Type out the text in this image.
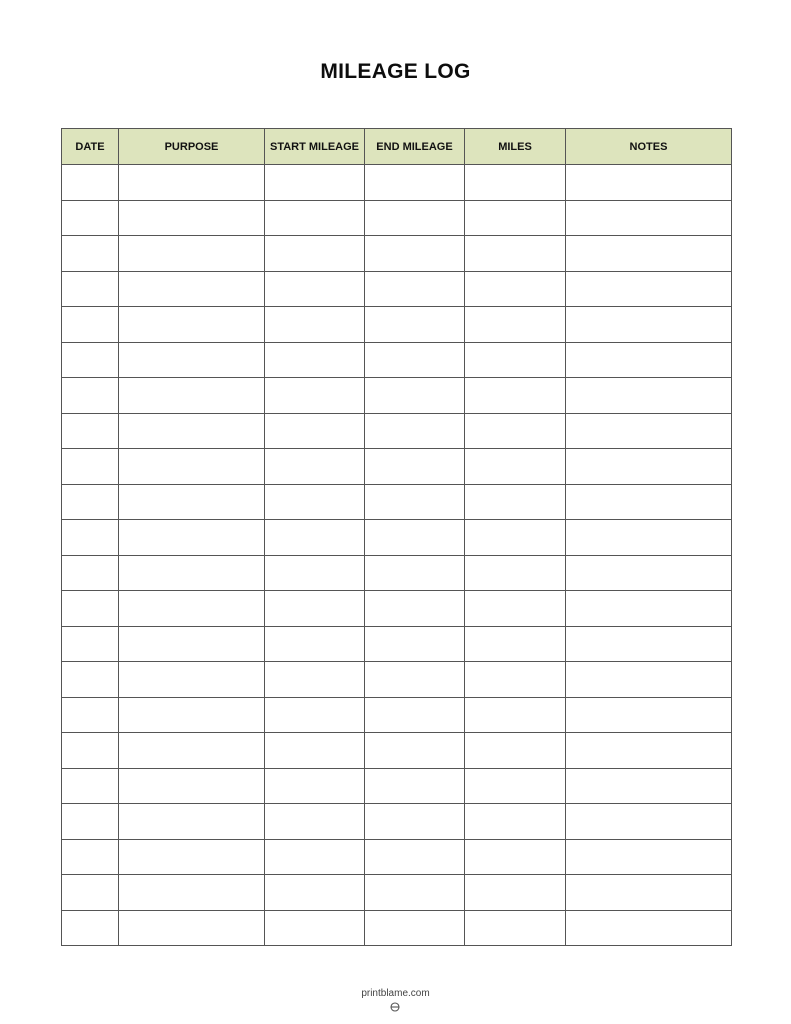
MILEAGE LOG
DATE	PURPOSE	START MILEAGE	END MILEAGE	MILES	NOTES

printblame.com
